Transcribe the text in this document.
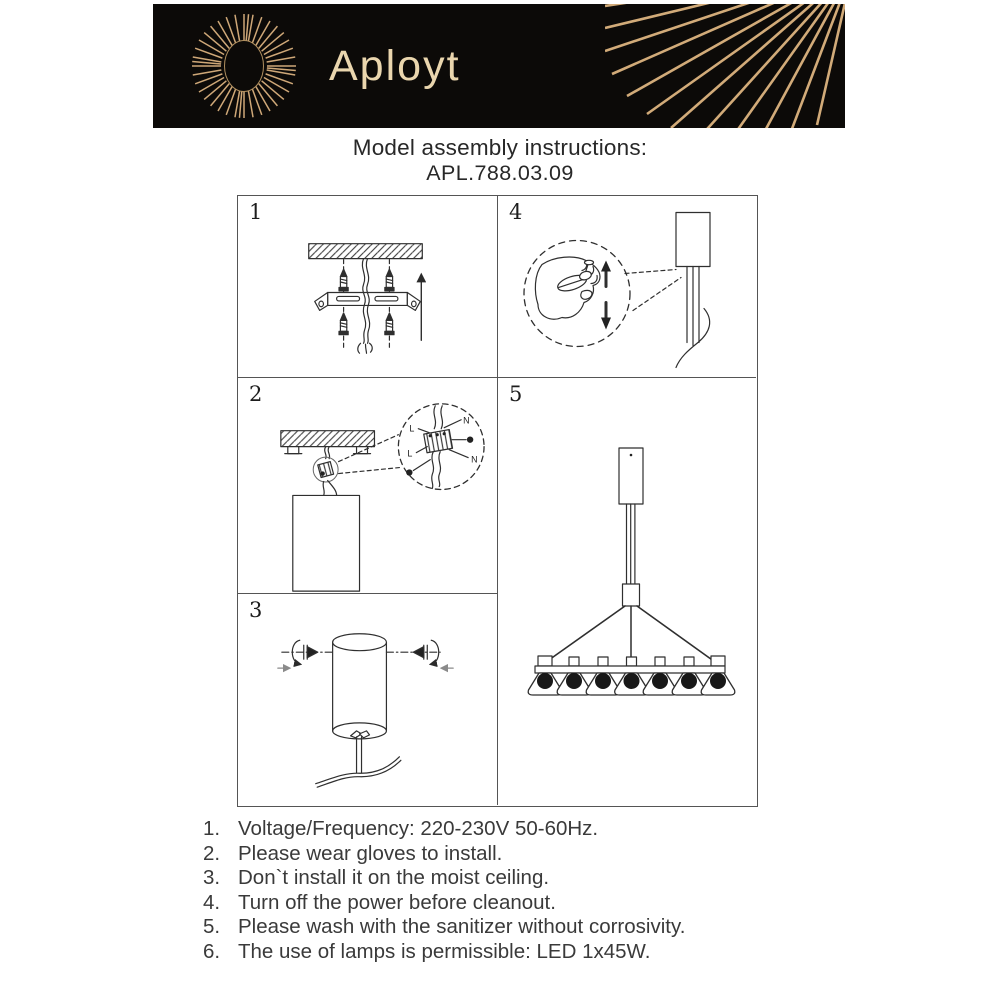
Aployt
Model assembly instructions:
APL.788.03.09
1
2
L
N
L
N
3
4
5
1. Voltage/Frequency: 220-230V 50-60Hz.
2. Please wear gloves to install.
3. Don`t install it on the moist ceiling.
4. Turn off the power before cleanout.
5. Please wash with the sanitizer without corrosivity.
6. The use of lamps is permissible: LED 1x45W.
